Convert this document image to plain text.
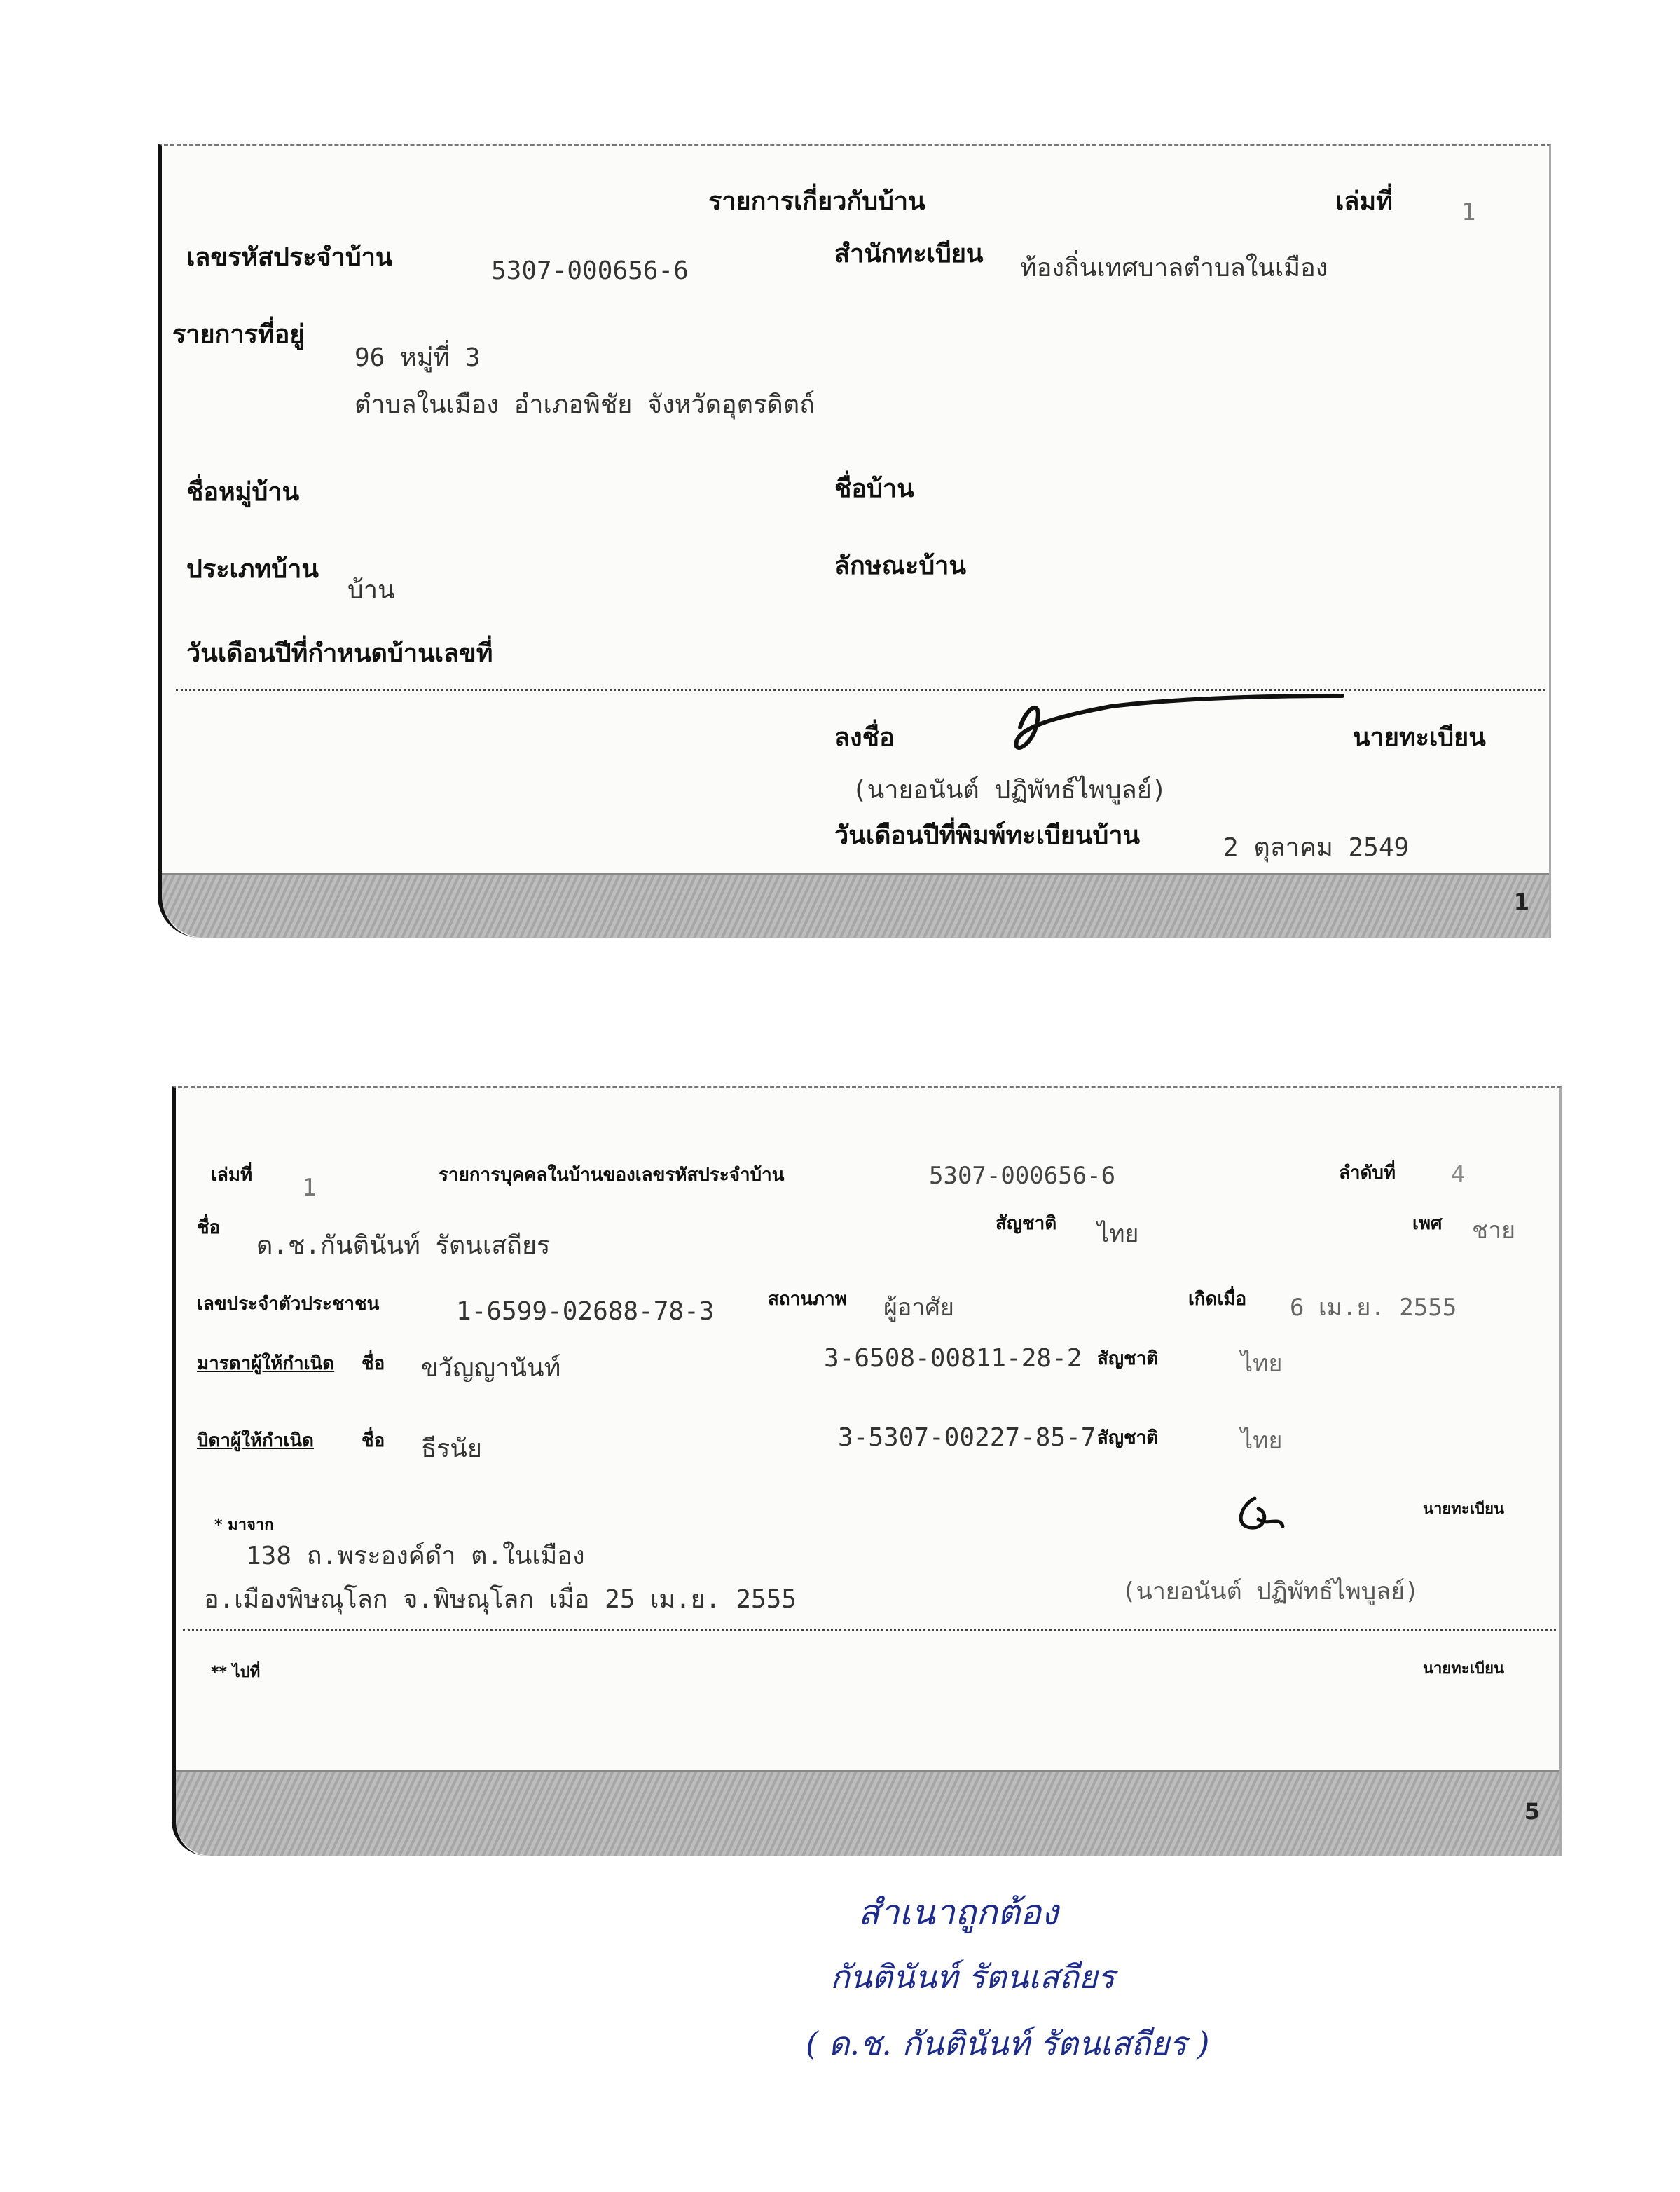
รายการเกี่ยวกับบ้าน	เล่มที่	1
เลขรหัสประจำบ้าน	5307-000656-6
สำนักทะเบียน ท้องถิ่นเทศบาลตำบลในเมือง
รายการที่อยู่
96 หมู่ที่ 3
ตำบลในเมือง อำเภอพิชัย จังหวัดอุตรดิตถ์
ชื่อหมู่บ้าน	ชื่อบ้าน
ประเภทบ้าน
บ้าน
ลักษณะบ้าน
วันเดือนปีที่กำหนดบ้านเลขที่
ลงชื่อ	นายทะเบียน
(นายอนันต์ ปฏิพัทธ์ไพบูลย์)
วันเดือนปีที่พิมพ์ทะเบียนบ้าน	2 ตุลาคม 2549
1
เล่มที่ 1	รายการบุคคลในบ้านของเลขรหัสประจำบ้าน	5307-000656-6	ลำดับที่ 4
ชื่อ
ด.ช.กันตินันท์ รัตนเสถียร
สัญชาติ ไทย	เพศ ชาย
เลขประจำตัวประชาชน	1-6599-02688-78-3	สถานภาพ ผู้อาศัย	เกิดเมื่อ 6 เม.ย. 2555
มารดาผู้ให้กำเนิด ชื่อ ขวัญญานันท์	3-6508-00811-28-2 สัญชาติ	ไทย
บิดาผู้ให้กำเนิด	ชื่อ ธีรนัย	3-5307-00227-85-7 สัญชาติ	ไทย
* มาจาก
นายทะเบียน
138 ถ.พระองค์ดำ ต.ในเมือง
อ.เมืองพิษณุโลก จ.พิษณุโลก เมื่อ 25 เม.ย. 2555	(นายอนันต์ ปฏิพัทธ์ไพบูลย์)
** ไปที่	นายทะเบียน
5
สำเนาถูกต้อง
กันตินันท์ รัตนเสถียร
( ด.ช. กันตินันท์ รัตนเสถียร )
